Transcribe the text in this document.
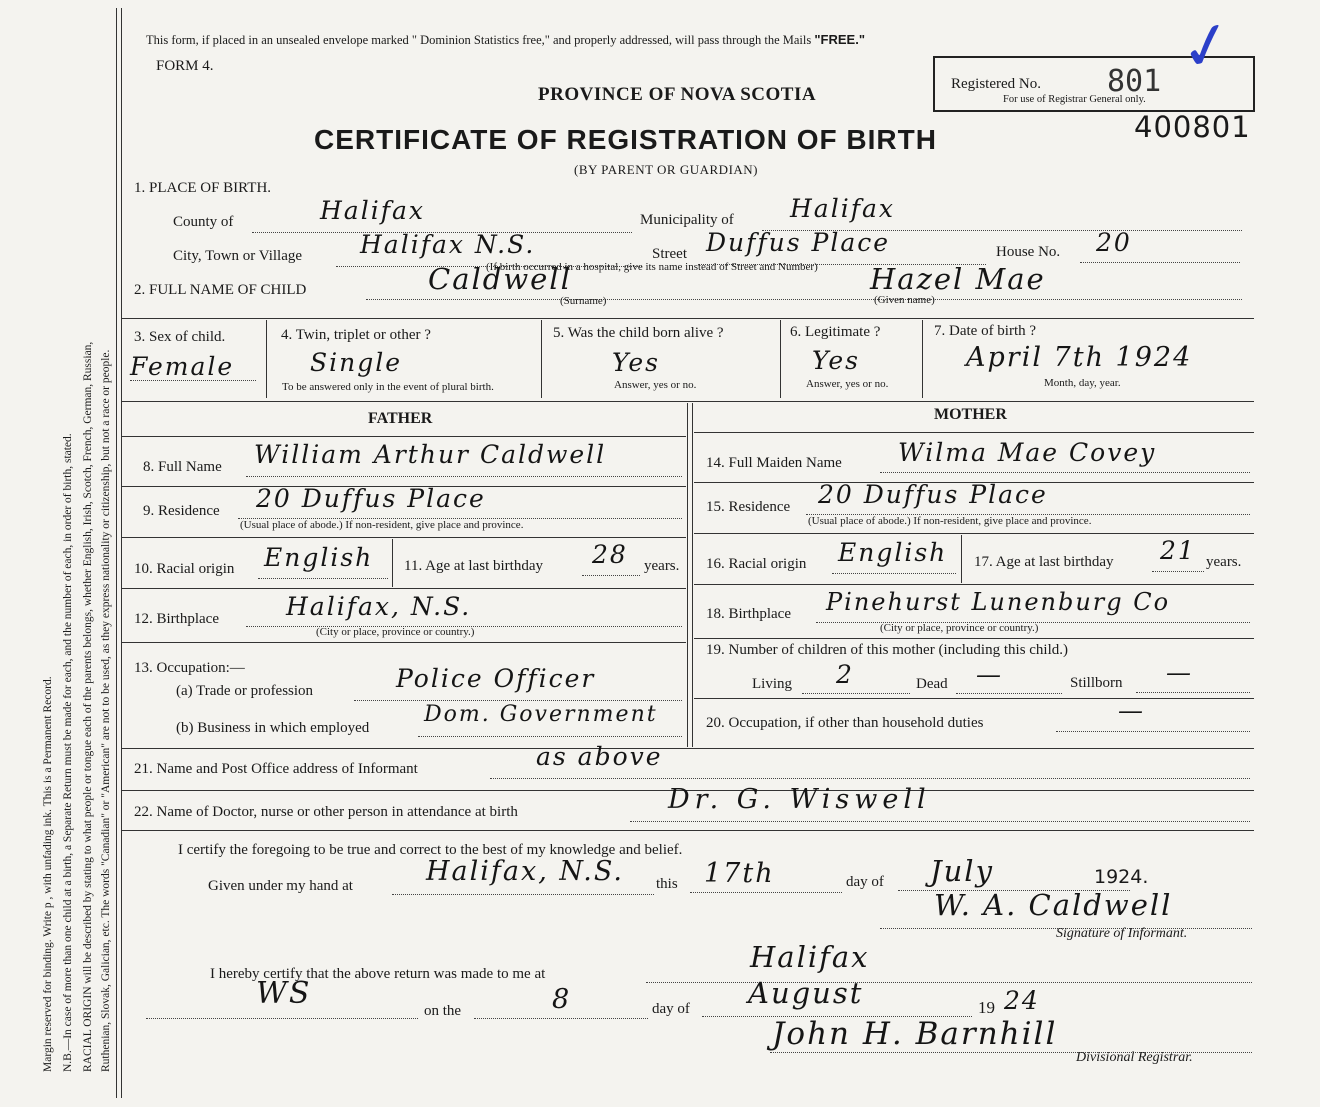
Margin reserved for binding. Write p , with unfading ink. This is a Permanent Record. N.B.—In case of more than one child at a birth, a Separate Return must be made for each, and the number of each, in order of birth, stated. RACIAL ORIGIN will be described by stating to what people or tongue each of the parents belongs, whether English, Irish, Scotch, French, German, Russian, Ruthenian, Slovak, Galician, etc. The words "Canadian" or "American" are not to be used, as they express nationality or citizenship, but not a race or people.
This form, if placed in an unsealed envelope marked " Dominion Statistics free," and properly addressed, will pass through the Mails "FREE."
FORM 4.
PROVINCE OF NOVA SCOTIA
CERTIFICATE OF REGISTRATION OF BIRTH
(BY PARENT OR GUARDIAN)
Registered No. 801
For use of Registrar General only.
✓
400801
1. PLACE OF BIRTH.
County of	Halifax	Municipality of Halifax
City, Town or Village Halifax N.S.	Street Duffus Place	House No. 20
(If birth occurred in a hospital, give its name instead of Street and Number)
2. FULL NAME OF CHILD	Caldwell
(Surname)
Hazel Mae
(Given name)
3. Sex of child.
Female
4. Twin, triplet or other ?
Single
To be answered only in the event of plural birth.
5. Was the child born alive ?
Yes
Answer, yes or no.
6. Legitimate ?
Yes
Answer, yes or no.
7. Date of birth ?
April 7th 1924
Month, day, year.
FATHER	MOTHER
8. Full Name William Arthur Caldwell	14. Full Maiden Name Wilma Mae Covey
9. Residence 20 Duffus Place
(Usual place of abode.) If non-resident, give place and province.
15. Residence 20 Duffus Place
(Usual place of abode.) If non-resident, give place and province.
10. Racial origin English 11. Age at last birthday 28 years. 16. Racial origin English 17. Age at last birthday 21 years.
12. Birthplace	Halifax, N.S.
(City or place, province or country.)
18. Birthplace Pinehurst Lunenburg Co
(City or place, province or country.)
13. Occupation:—
(a) Trade or profession	Police Officer
(b) Business in which employed
Dom. Government
19. Number of children of this mother (including this child.)
Living 2	Dead —	Stillborn —
20. Occupation, if other than household duties	—
21. Name and Post Office address of Informant	as above
22. Name of Doctor, nurse or other person in attendance at birth	Dr. G. Wiswell
I certify the foregoing to be true and correct to the best of my knowledge and belief.
Given under my hand at	Halifax, N.S. this 17th	day of July	1924.
W. A. Caldwell
Signature of Informant.
I hereby certify that the above return was made to me at	Halifax
WS	on the	8	day of August	19 24
John H. Barnhill
Divisional Registrar.
